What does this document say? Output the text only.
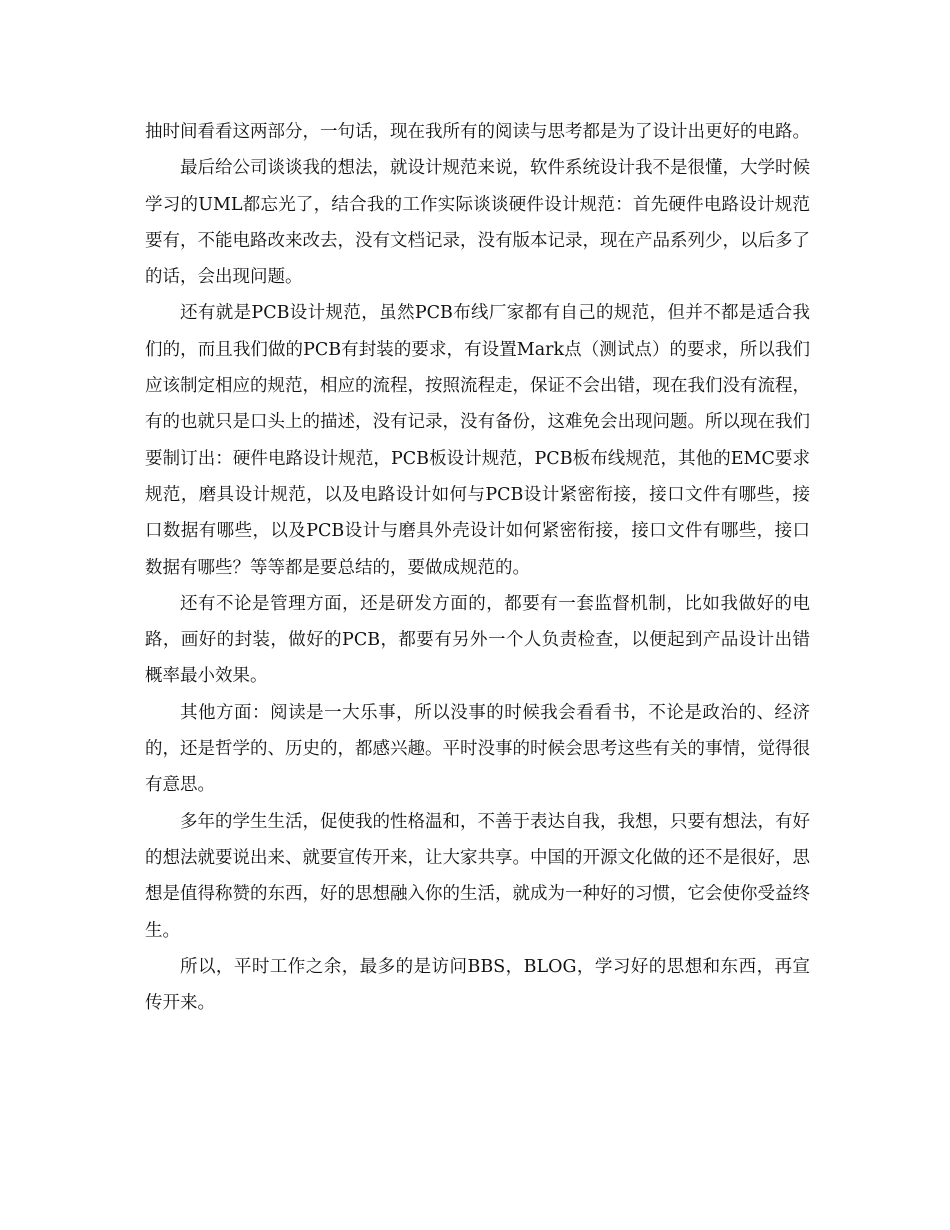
抽时间看看这两部分，一句话，现在我所有的阅读与思考都是为了设计出更好的电路。

最后给公司谈谈我的想法，就设计规范来说，软件系统设计我不是很懂，大学时候学习的UML都忘光了，结合我的工作实际谈谈硬件设计规范：首先硬件电路设计规范要有，不能电路改来改去，没有文档记录，没有版本记录，现在产品系列少，以后多了的话，会出现问题。

还有就是PCB设计规范，虽然PCB布线厂家都有自己的规范，但并不都是适合我们的，而且我们做的PCB有封装的要求，有设置Mark点（测试点）的要求，所以我们应该制定相应的规范，相应的流程，按照流程走，保证不会出错，现在我们没有流程，有的也就只是口头上的描述，没有记录，没有备份，这难免会出现问题。所以现在我们要制订出：硬件电路设计规范，PCB板设计规范，PCB板布线规范，其他的EMC要求规范，磨具设计规范，以及电路设计如何与PCB设计紧密衔接，接口文件有哪些，接口数据有哪些，以及PCB设计与磨具外壳设计如何紧密衔接，接口文件有哪些，接口数据有哪些？等等都是要总结的，要做成规范的。

还有不论是管理方面，还是研发方面的，都要有一套监督机制，比如我做好的电路，画好的封装，做好的PCB，都要有另外一个人负责检查，以便起到产品设计出错概率最小效果。

其他方面：阅读是一大乐事，所以没事的时候我会看看书，不论是政治的、经济的，还是哲学的、历史的，都感兴趣。平时没事的时候会思考这些有关的事情，觉得很有意思。

多年的学生生活，促使我的性格温和，不善于表达自我，我想，只要有想法，有好的想法就要说出来、就要宣传开来，让大家共享。中国的开源文化做的还不是很好，思想是值得称赞的东西，好的思想融入你的生活，就成为一种好的习惯，它会使你受益终生。

所以，平时工作之余，最多的是访问BBS，BLOG，学习好的思想和东西，再宣传开来。
